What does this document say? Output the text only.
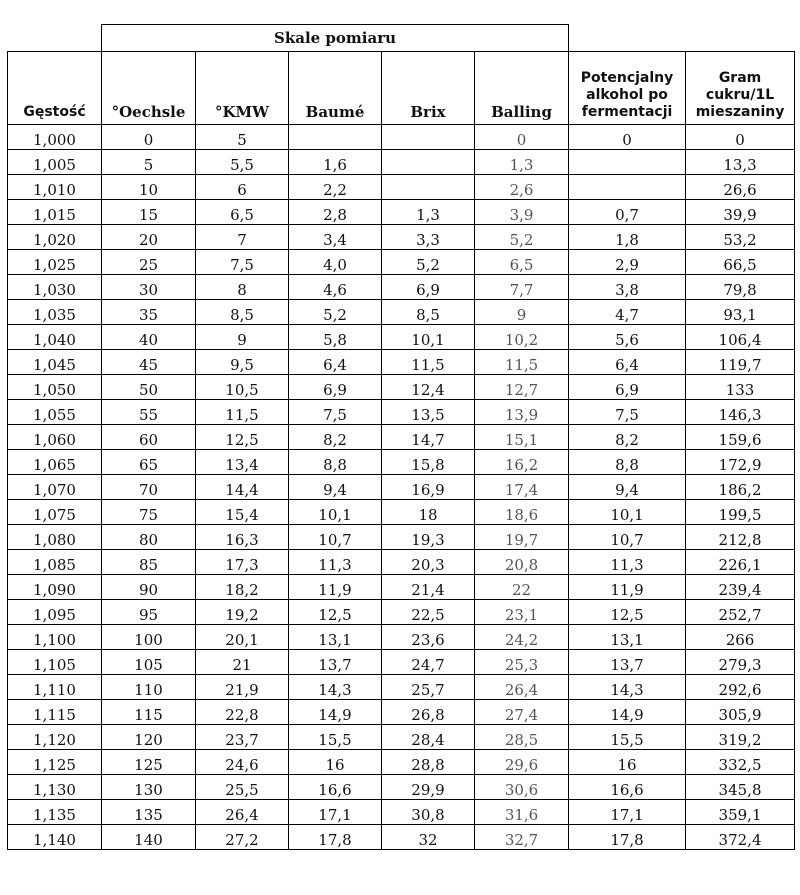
	Skale pomiaru						
Gęstość	°Oechsle	°KMW	Baumé	Brix	Balling	Potencjalny alkohol po fermentacji	Gram cukru/1L mieszaniny
1,000	0	5			0	0	0
1,005	5	5,5	1,6		1,3		13,3
1,010	10	6	2,2		2,6		26,6
1,015	15	6,5	2,8	1,3	3,9	0,7	39,9
1,020	20	7	3,4	3,3	5,2	1,8	53,2
1,025	25	7,5	4,0	5,2	6,5	2,9	66,5
1,030	30	8	4,6	6,9	7,7	3,8	79,8
1,035	35	8,5	5,2	8,5	9	4,7	93,1
1,040	40	9	5,8	10,1	10,2	5,6	106,4
1,045	45	9,5	6,4	11,5	11,5	6,4	119,7
1,050	50	10,5	6,9	12,4	12,7	6,9	133
1,055	55	11,5	7,5	13,5	13,9	7,5	146,3
1,060	60	12,5	8,2	14,7	15,1	8,2	159,6
1,065	65	13,4	8,8	15,8	16,2	8,8	172,9
1,070	70	14,4	9,4	16,9	17,4	9,4	186,2
1,075	75	15,4	10,1	18	18,6	10,1	199,5
1,080	80	16,3	10,7	19,3	19,7	10,7	212,8
1,085	85	17,3	11,3	20,3	20,8	11,3	226,1
1,090	90	18,2	11,9	21,4	22	11,9	239,4
1,095	95	19,2	12,5	22,5	23,1	12,5	252,7
1,100	100	20,1	13,1	23,6	24,2	13,1	266
1,105	105	21	13,7	24,7	25,3	13,7	279,3
1,110	110	21,9	14,3	25,7	26,4	14,3	292,6
1,115	115	22,8	14,9	26,8	27,4	14,9	305,9
1,120	120	23,7	15,5	28,4	28,5	15,5	319,2
1,125	125	24,6	16	28,8	29,6	16	332,5
1,130	130	25,5	16,6	29,9	30,6	16,6	345,8
1,135	135	26,4	17,1	30,8	31,6	17,1	359,1
1,140	140	27,2	17,8	32	32,7	17,8	372,4
